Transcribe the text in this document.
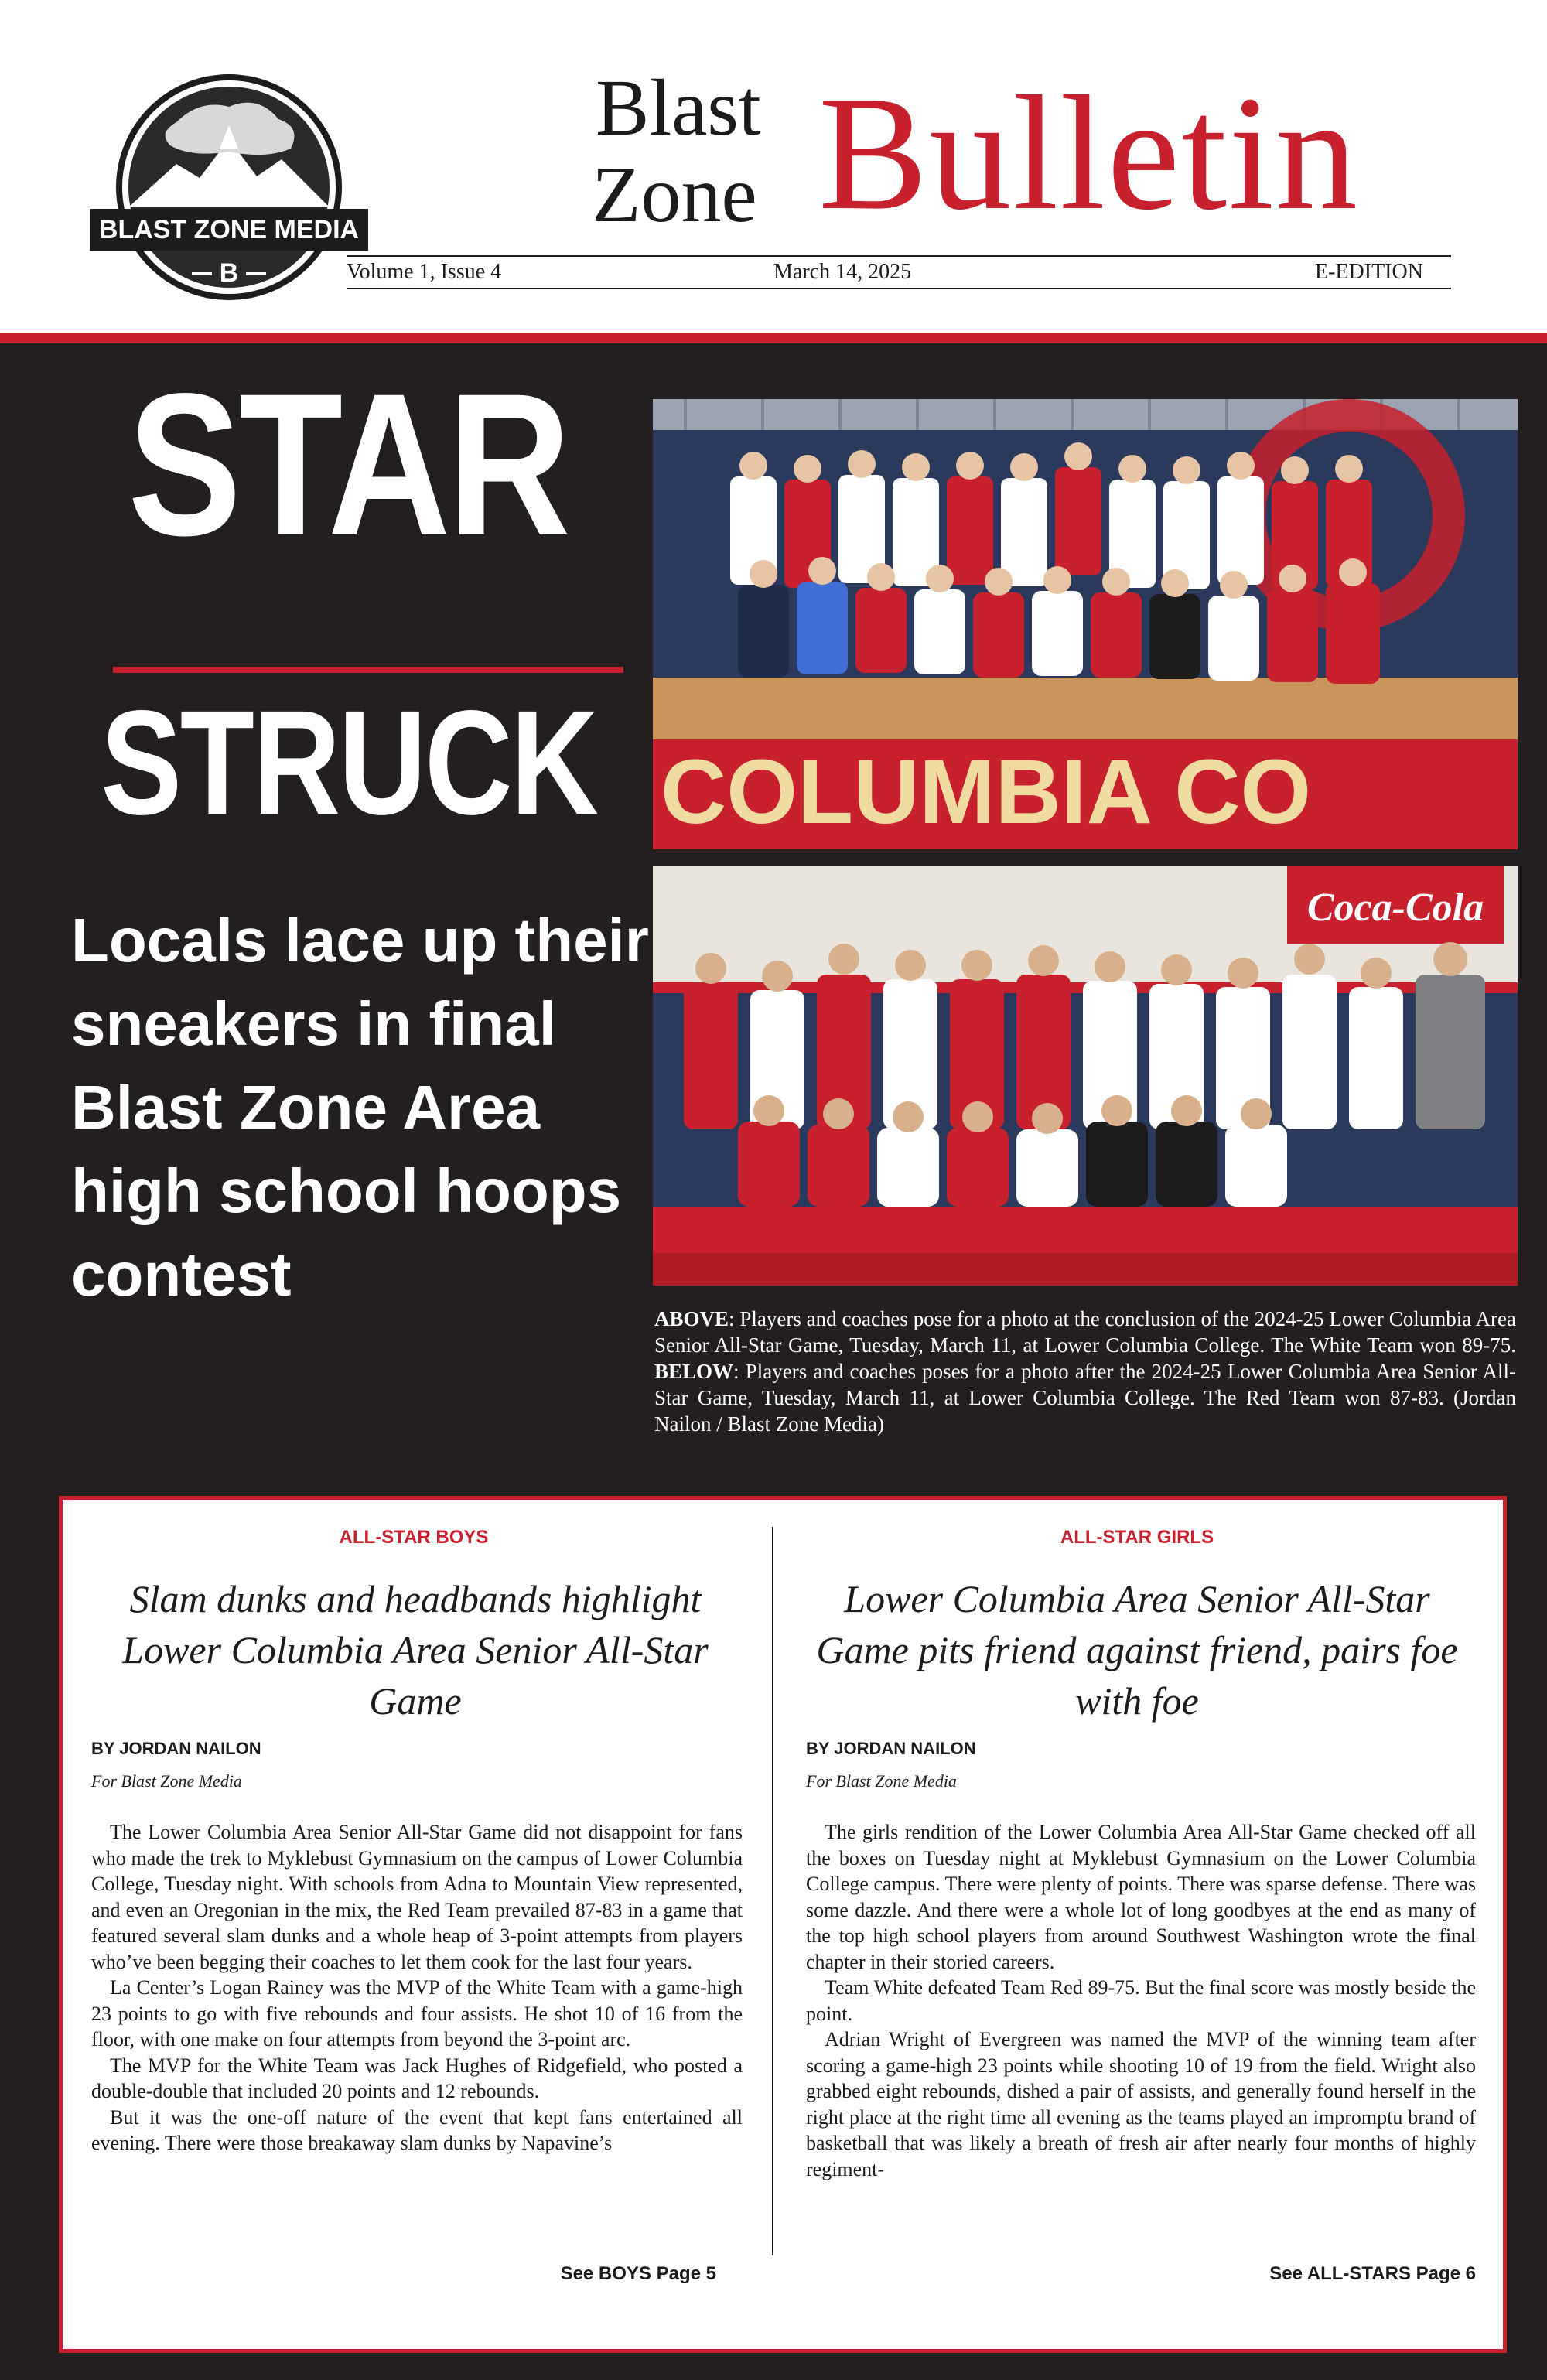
BLAST ZONE MEDIA
B
Blast
Zone Bulletin
Volume 1, Issue 4	March 14, 2025	E-EDITION
STAR
STRUCK
Locals lace up their sneakers in final Blast Zone Area high school hoops contest
COLUMBIA CO
Coca-Cola
ABOVE: Players and coaches pose for a photo at the conclusion of the 2024-25 Lower Columbia Area Senior All-Star Game, Tuesday, March 11, at Lower Columbia College. The White Team won 89-75. BELOW: Players and coaches poses for a photo after the 2024-25 Lower Columbia Area Senior All-Star Game, Tuesday, March 11, at Lower Columbia College. The Red Team won 87-83. (Jordan Nailon / Blast Zone Media)
ALL-STAR BOYS
Slam dunks and headbands highlight Lower Columbia Area Senior All-Star Game
BY JORDAN NAILON
For Blast Zone Media

The Lower Columbia Area Senior All-Star Game did not disappoint for fans who made the trek to Myklebust Gymnasium on the campus of Lower Columbia College, Tuesday night. With schools from Adna to Mountain View represented, and even an Oregonian in the mix, the Red Team prevailed 87-83 in a game that featured several slam dunks and a whole heap of 3-point attempts from players who’ve been begging their coaches to let them cook for the last four years.

La Center’s Logan Rainey was the MVP of the White Team with a game-high 23 points to go with five rebounds and four assists. He shot 10 of 16 from the floor, with one make on four attempts from beyond the 3-point arc.

The MVP for the White Team was Jack Hughes of Ridgefield, who posted a double-double that included 20 points and 12 rebounds.

But it was the one-off nature of the event that kept fans entertained all evening. There were those breakaway slam dunks by Napavine’s

See BOYS Page 5
ALL-STAR GIRLS
Lower Columbia Area Senior All-Star Game pits friend against friend, pairs foe with foe
BY JORDAN NAILON
For Blast Zone Media

The girls rendition of the Lower Columbia Area All-Star Game checked off all the boxes on Tuesday night at Myklebust Gymnasium on the Lower Columbia College campus. There were plenty of points. There was sparse defense. There was some dazzle. And there were a whole lot of long goodbyes at the end as many of the top high school players from around Southwest Washington wrote the final chapter in their storied careers.

Team White defeated Team Red 89-75. But the final score was mostly beside the point.

Adrian Wright of Evergreen was named the MVP of the winning team after scoring a game-high 23 points while shooting 10 of 19 from the field. Wright also grabbed eight rebounds, dished a pair of assists, and generally found herself in the right place at the right time all evening as the teams played an impromptu brand of basketball that was likely a breath of fresh air after nearly four months of highly regiment-

See ALL-STARS Page 6
